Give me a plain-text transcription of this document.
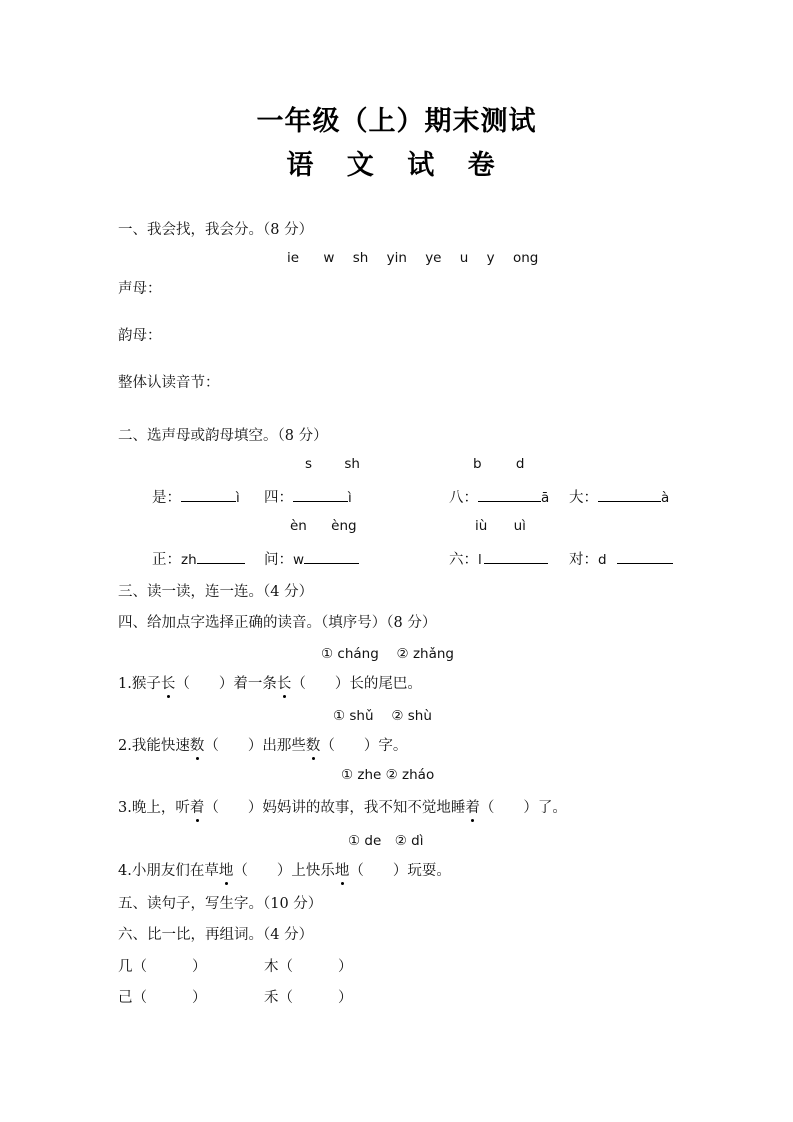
一年级（上）期末测试
语 文 试 卷
一、我会找，我会分。（8 分）
ie w sh yin ye u y ong
声母：
韵母：
整体认读音节：
二、选声母或韵母填空。（8 分）
s sh	b	d
是：	ì 四：	ì	八：	ā 大：	à
èn èng	iù uì
正：zh	问：w	六：l	对：d
三、读一读，连一连。（4 分）
四、给加点字选择正确的读音。（填序号）（8 分）
① cháng　 ② zhǎng
1.猴子长（　　）着一条长（　　）长的尾巴。
① shǔ　 ② shù
2.我能快速数（　　）出那些数（　　）字。
① zhe ② zháo
3.晚上，听着（　　）妈妈讲的故事，我不知不觉地睡着（　　）了。
① de　② dì
4.小朋友们在草地（　　）上快乐地（　　）玩耍。
五、读句子，写生字。（10 分）
六、比一比，再组词。（4 分）
几（	）	木（	）
己（	）	禾（	）
